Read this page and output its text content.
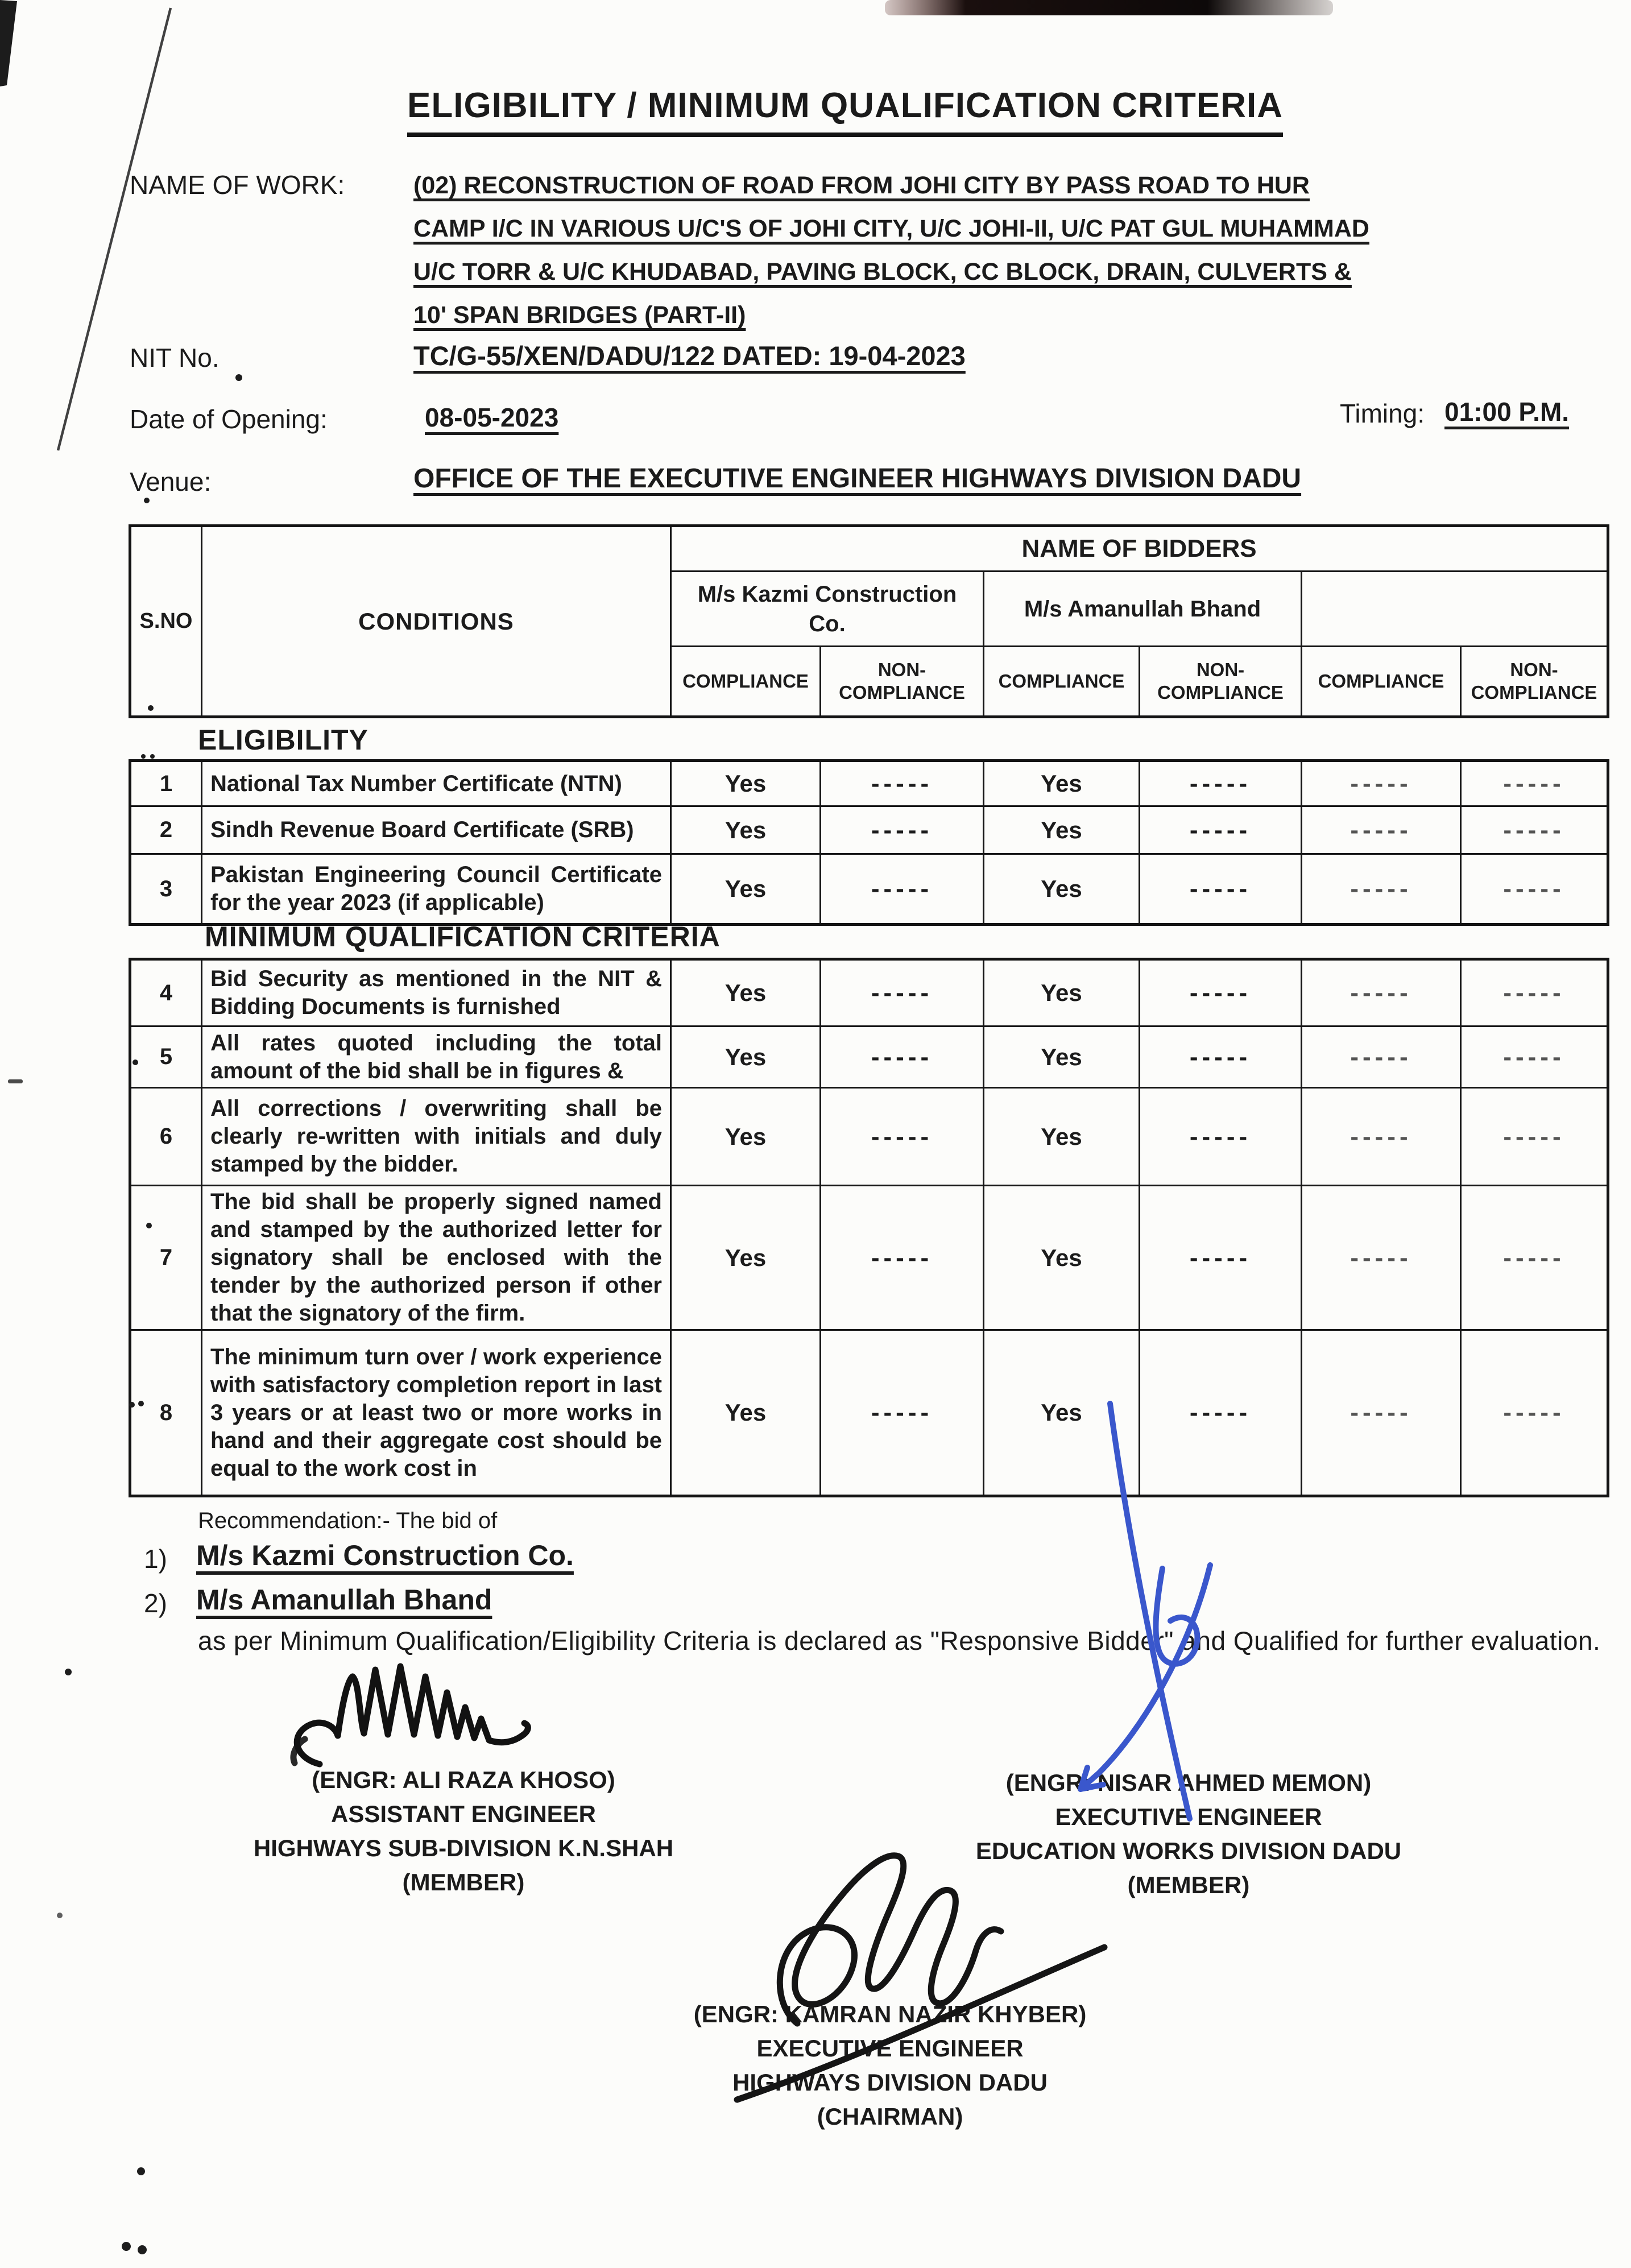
ELIGIBILITY / MINIMUM QUALIFICATION CRITERIA
NAME OF WORK:	(02) RECONSTRUCTION OF ROAD FROM JOHI CITY BY PASS ROAD TO HUR
CAMP I/C IN VARIOUS U/C'S OF JOHI CITY, U/C JOHI-II, U/C PAT GUL MUHAMMAD
U/C TORR & U/C KHUDABAD, PAVING BLOCK, CC BLOCK, DRAIN, CULVERTS &
10' SPAN BRIDGES (PART-II)
NIT No.	TC/G-55/XEN/DADU/122 DATED: 19-04-2023
Date of Opening:	08-05-2023	Timing: 01:00 P.M.
Venue:	OFFICE OF THE EXECUTIVE ENGINEER HIGHWAYS DIVISION DADU
S.NO	CONDITIONS	NAME OF BIDDERS					
		M/s Kazmi Construction Co.		M/s Amanullah Bhand			
		COMPLIANCE	NON-COMPLIANCE	COMPLIANCE	NON-COMPLIANCE	COMPLIANCE	NON-COMPLIANCE
ELIGIBILITY
1	National Tax Number Certificate (NTN)	Yes	-----	Yes	-----	-----	-----
2	Sindh Revenue Board Certificate (SRB)	Yes	-----	Yes	-----	-----	-----
3	Pakistan Engineering Council Certificate for the year 2023 (if applicable)	Yes	-----	Yes	-----	-----	-----
MINIMUM QUALIFICATION CRITERIA
4	Bid Security as mentioned in the NIT & Bidding Documents is furnished	Yes	-----	Yes	-----	-----	-----
5	All rates quoted including the total amount of the bid shall be in figures &	Yes	-----	Yes	-----	-----	-----
6	All corrections / overwriting shall be clearly re-written with initials and duly stamped by the bidder.	Yes	-----	Yes	-----	-----	-----
7	The bid shall be properly signed named and stamped by the authorized letter for signatory shall be enclosed with the tender by the authorized person if other that the signatory of the firm.	Yes	-----	Yes	-----	-----	-----
8	The minimum turn over / work experience with satisfactory completion report in last 3 years or at least two or more works in hand and their aggregate cost should be equal to the work cost in	Yes	-----	Yes	-----	-----	-----
Recommendation:- The bid of
1) M/s Kazmi Construction Co.
2) M/s Amanullah Bhand
as per Minimum Qualification/Eligibility Criteria is declared as "Responsive Bidder" and Qualified for further evaluation.
(ENGR: ALI RAZA KHOSO)
ASSISTANT ENGINEER
HIGHWAYS SUB-DIVISION K.N.SHAH
(MEMBER)
(ENGR: NISAR AHMED MEMON)
EXECUTIVE ENGINEER
EDUCATION WORKS DIVISION DADU
(MEMBER)
(ENGR: KAMRAN NAZIR KHYBER)
EXECUTIVE ENGINEER
HIGHWAYS DIVISION DADU
(CHAIRMAN)
